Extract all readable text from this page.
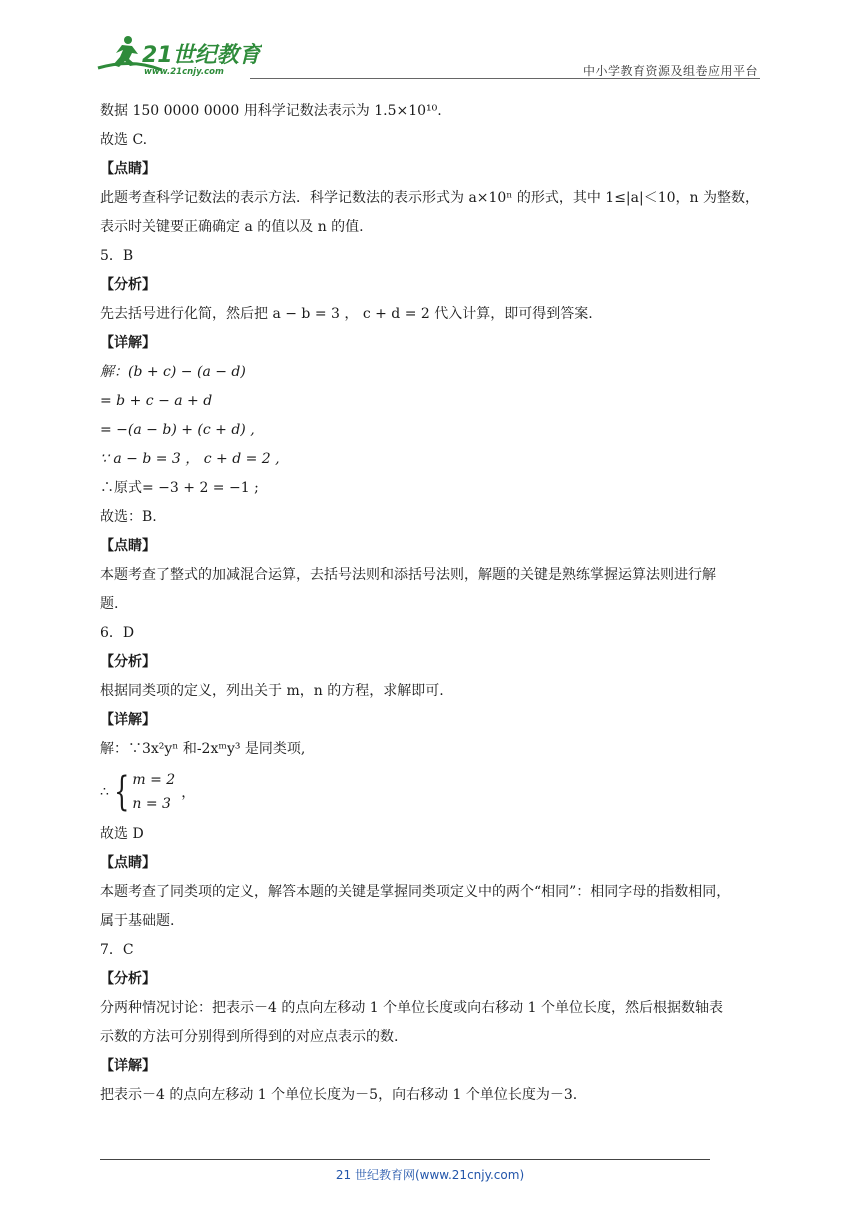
21世纪教育
www.21cnjy.com	中小学教育资源及组卷应用平台
数据 150 0000 0000 用科学记数法表示为 1.5×10¹⁰.
故选 C.
【点睛】
此题考查科学记数法的表示方法．科学记数法的表示形式为 a×10ⁿ 的形式，其中 1≤|a|＜10，n 为整数，
表示时关键要正确确定 a 的值以及 n 的值.
5．B
【分析】
先去括号进行化简，然后把 a − b = 3 ， c + d = 2 代入计算，即可得到答案.
【详解】
解：(b + c) − (a − d)
= b + c − a + d
= −(a − b) + (c + d) ,
∵ a − b = 3 ， c + d = 2 ,
∴原式= −3 + 2 = −1 ;
故选：B.
【点睛】
本题考查了整式的加减混合运算，去括号法则和添括号法则，解题的关键是熟练掌握运算法则进行解
题.
6．D
【分析】
根据同类项的定义，列出关于 m，n 的方程，求解即可.
【详解】
解：∵3x²yⁿ 和-2xᵐy³ 是同类项,
∴ { m = 2
n = 3
，
故选 D
【点睛】
本题考查了同类项的定义，解答本题的关键是掌握同类项定义中的两个“相同”：相同字母的指数相同，
属于基础题.
7．C
【分析】
分两种情况讨论：把表示－4 的点向左移动 1 个单位长度或向右移动 1 个单位长度，然后根据数轴表
示数的方法可分别得到所得到的对应点表示的数.
【详解】
把表示－4 的点向左移动 1 个单位长度为－5，向右移动 1 个单位长度为－3.
21 世纪教育网(www.21cnjy.com)
